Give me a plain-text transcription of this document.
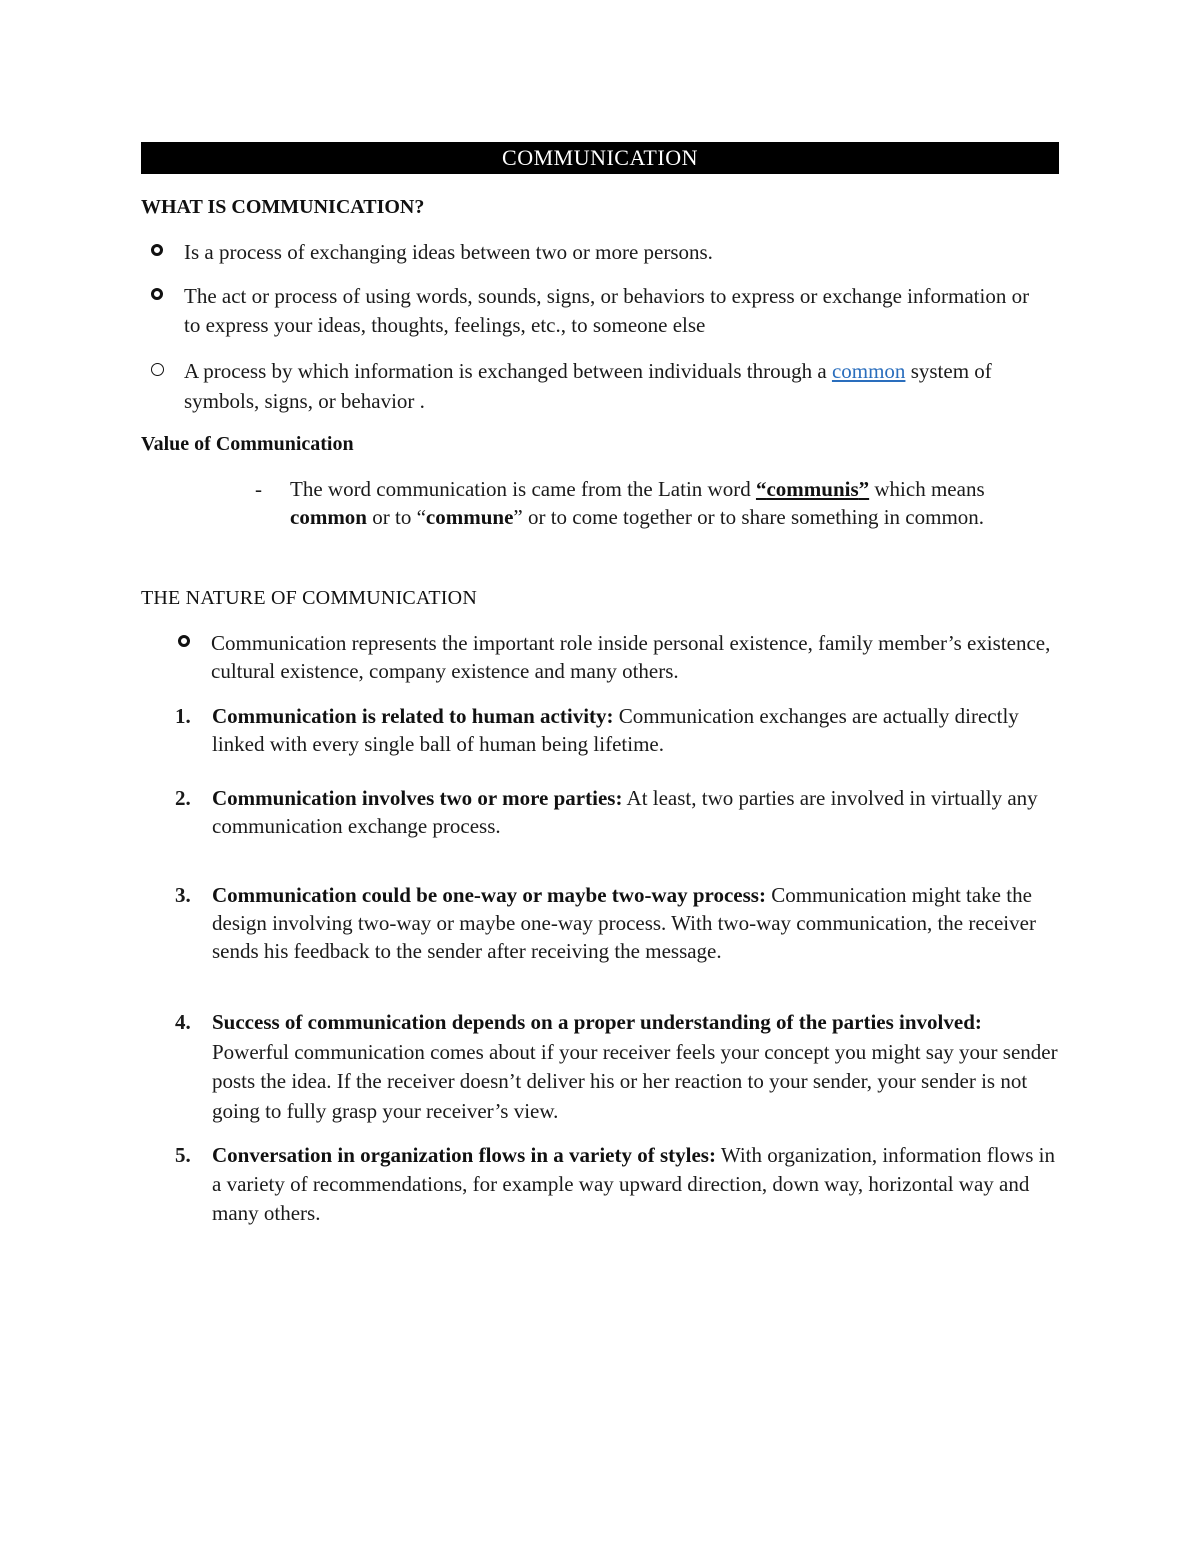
COMMUNICATION
WHAT IS COMMUNICATION?
Is a process of exchanging ideas between two or more persons.
The act or process of using words, sounds, signs, or behaviors to express or exchange information or to express your ideas, thoughts, feelings, etc., to someone else
A process by which information is exchanged between individuals through a common system of symbols, signs, or behavior .
Value of Communication
- The word communication is came from the Latin word “communis” which means common or to “commune” or to come together or to share something in common.
THE NATURE OF COMMUNICATION
Communication represents the important role inside personal existence, family member’s existence, cultural existence, company existence and many others.
1. Communication is related to human activity: Communication exchanges are actually directly linked with every single ball of human being lifetime.
2. Communication involves two or more parties: At least, two parties are involved in virtually any communication exchange process.
3. Communication could be one-way or maybe two-way process: Communication might take the design involving two-way or maybe one-way process. With two-way communication, the receiver sends his feedback to the sender after receiving the message.
4. Success of communication depends on a proper understanding of the parties involved: Powerful communication comes about if your receiver feels your concept you might say your sender posts the idea. If the receiver doesn’t deliver his or her reaction to your sender, your sender is not going to fully grasp your receiver’s view.
5. Conversation in organization flows in a variety of styles: With organization, information flows in a variety of recommendations, for example way upward direction, down way, horizontal way and many others.
